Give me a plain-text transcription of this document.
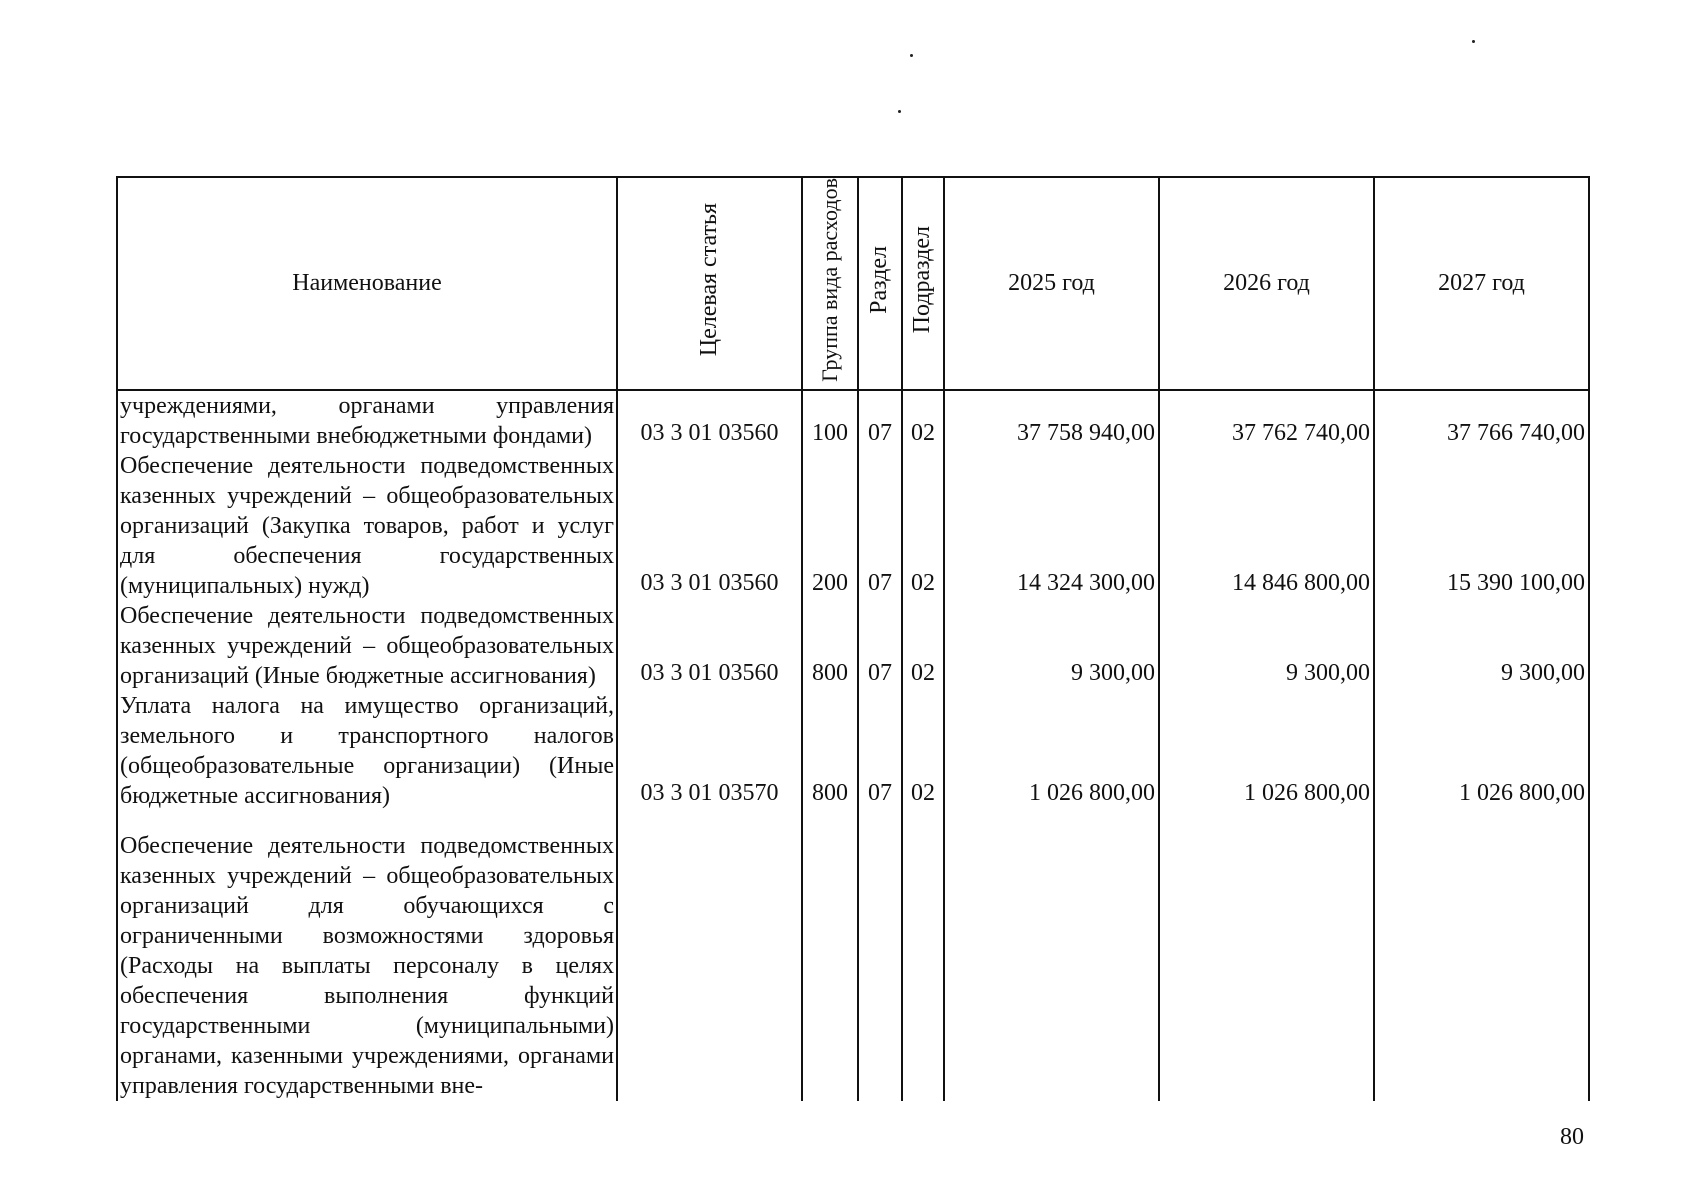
Наименование	Целевая статья	Группа вида расходов	Раздел	Подраздел	2025 год	2026 год	2027 год
учреждениями, органами управления государственными внебюджетными фондами)	03 3 01 03560	100	07	02	37 758 940,00	37 762 740,00	37 766 740,00
Обеспечение деятельности подведомственных казенных учреждений – общеобразовательных организаций (Закупка товаров, работ и услуг для обеспечения государственных (муниципальных) нужд)	03 3 01 03560	200	07	02	14 324 300,00	14 846 800,00	15 390 100,00
Обеспечение деятельности подведомственных казенных учреждений – общеобразовательных организаций (Иные бюджетные ассигнования)	03 3 01 03560	800	07	02	9 300,00	9 300,00	9 300,00
Уплата налога на имущество организаций, земельного и транспортного налогов (общеобразовательные организации) (Иные бюджетные ассигнования)	03 3 01 03570	800	07	02	1 026 800,00	1 026 800,00	1 026 800,00
Обеспечение деятельности подведомственных казенных учреждений – общеобразовательных организаций для обучающихся с ограниченными возможностями здоровья (Расходы на выплаты персоналу в целях обеспечения выполнения функций государственными (муниципальными) органами, казенными учреждениями, органами управления государственными вне-							
80
